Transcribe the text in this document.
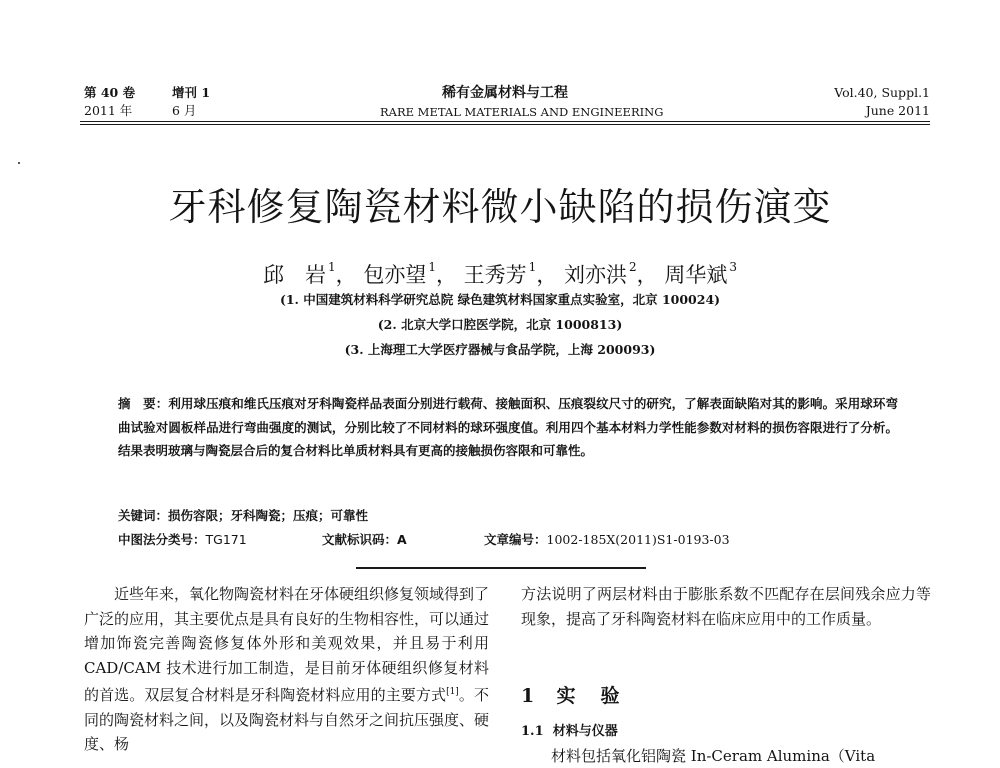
第 40 卷	增刊 1
2011 年	6 月
稀有金属材料与工程
RARE METAL MATERIALS AND ENGINEERING
Vol.40, Suppl.1
June 2011
牙科修复陶瓷材料微小缺陷的损伤演变
邱　岩 $^1$， 包亦望 $^1$， 王秀芳 $^1$， 刘亦洪 $^2$， 周华斌 $^3$
(1. 中国建筑材料科学研究总院 绿色建筑材料国家重点实验室，北京 100024)
(2. 北京大学口腔医学院，北京 1000813)
(3. 上海理工大学医疗器械与食品学院，上海 200093)
摘　要：利用球压痕和维氏压痕对牙科陶瓷样品表面分别进行载荷、接触面积、压痕裂纹尺寸的研究，了解表面缺陷对其的影响。采用球环弯曲试验对圆板样品进行弯曲强度的测试，分别比较了不同材料的球环强度值。利用四个基本材料力学性能参数对材料的损伤容限进行了分析。结果表明玻璃与陶瓷层合后的复合材料比单质材料具有更高的接触损伤容限和可靠性。
关键词：损伤容限；牙科陶瓷；压痕；可靠性
中图法分类号：TG171	文献标识码：A	文章编号：1002-185X(2011)S1-0193-03
近些年来，氧化物陶瓷材料在牙体硬组织修复领域得到了广泛的应用，其主要优点是具有良好的生物相容性，可以通过增加饰瓷完善陶瓷修复体外形和美观效果，并且易于利用 CAD/CAM 技术进行加工制造，是目前牙体硬组织修复材料的首选。双层复合材料是牙科陶瓷材料应用的主要方式[1]。不同的陶瓷材料之间，以及陶瓷材料与自然牙之间抗压强度、硬度、杨
方法说明了两层材料由于膨胀系数不匹配存在层间残余应力等现象，提高了牙科陶瓷材料在临床应用中的工作质量。
1 实　验
1.1 材料与仪器
材料包括氧化铝陶瓷 In-Ceram Alumina（Vita
